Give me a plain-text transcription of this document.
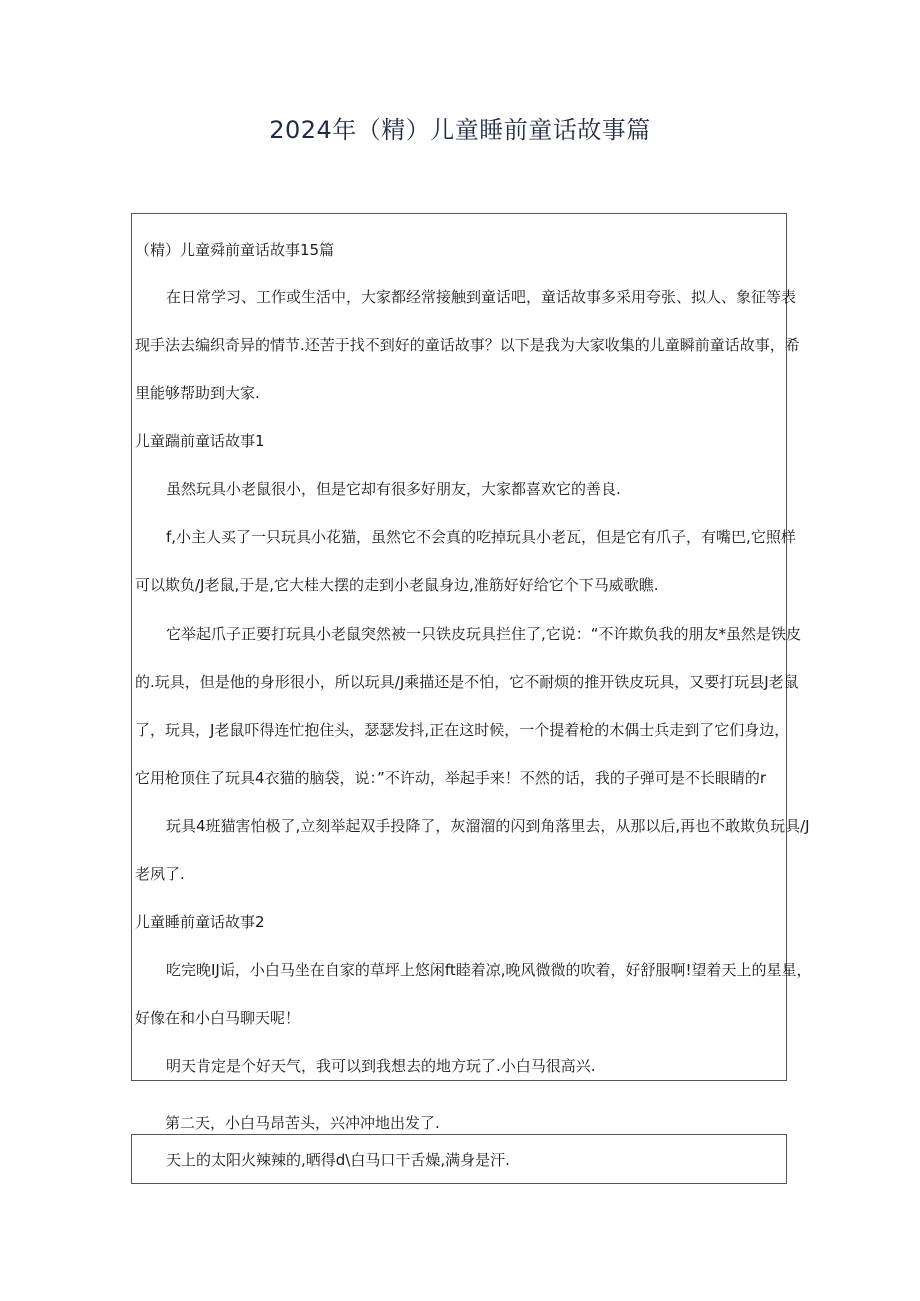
2024年（精）儿童睡前童话故事篇
（精）儿童舜前童话故事15篇
在日常学习、工作或生活中，大家都经常接触到童话吧，童话故事多采用夸张、拟人、象征等表
现手法去编织奇异的情节.还苦于找不到好的童话故事？以下是我为大家收集的儿童瞬前童话故事，希
里能够帮助到大家.
儿童踹前童话故事1
虽然玩具小老鼠很小，但是它却有很多好朋友，大家都喜欢它的善良.
f,小主人买了一只玩具小花猫，虽然它不会真的吃掉玩具小老瓦，但是它有爪子，有嘴巴,它照样
可以欺负/J老鼠,于是,它大桂大摆的走到小老鼠身边,准筋好好给它个下马威歌瞧.
它举起爪子正要打玩具小老鼠突然被一只铁皮玩具拦住了,它说：“不许欺负我的朋友*虽然是铁皮
的.玩具，但是他的身形很小，所以玩具/J乘描还是不怕，它不耐烦的推开铁皮玩具，又要打玩县J老鼠
了，玩具，J老鼠吓得连忙抱住头，瑟瑟发抖,正在这时候，一个提着枪的木偶士兵走到了它们身边，
它用枪顶住了玩具4衣猫的脑袋，说：”不许动，举起手来！不然的话，我的子弹可是不长眼睛的r
玩具4班猫害怕极了,立刻举起双手投降了，灰溜溜的闪到角落里去，从那以后,再也不敢欺负玩具/J
老夙了.
儿童睡前童话故事2
吃完晚IJ诟，小白马坐在自家的草坪上悠闲ft睦着凉,晚风微微的吹着，好舒服啊!望着天上的星星，
好像在和小白马聊天呢！
明天肯定是个好天气，我可以到我想去的地方玩了.小白马很高兴.
第二天，小白马昂苦头，兴冲冲地出发了.
天上的太阳火辣辣的,晒得d\白马口干舌燥,满身是汗.
